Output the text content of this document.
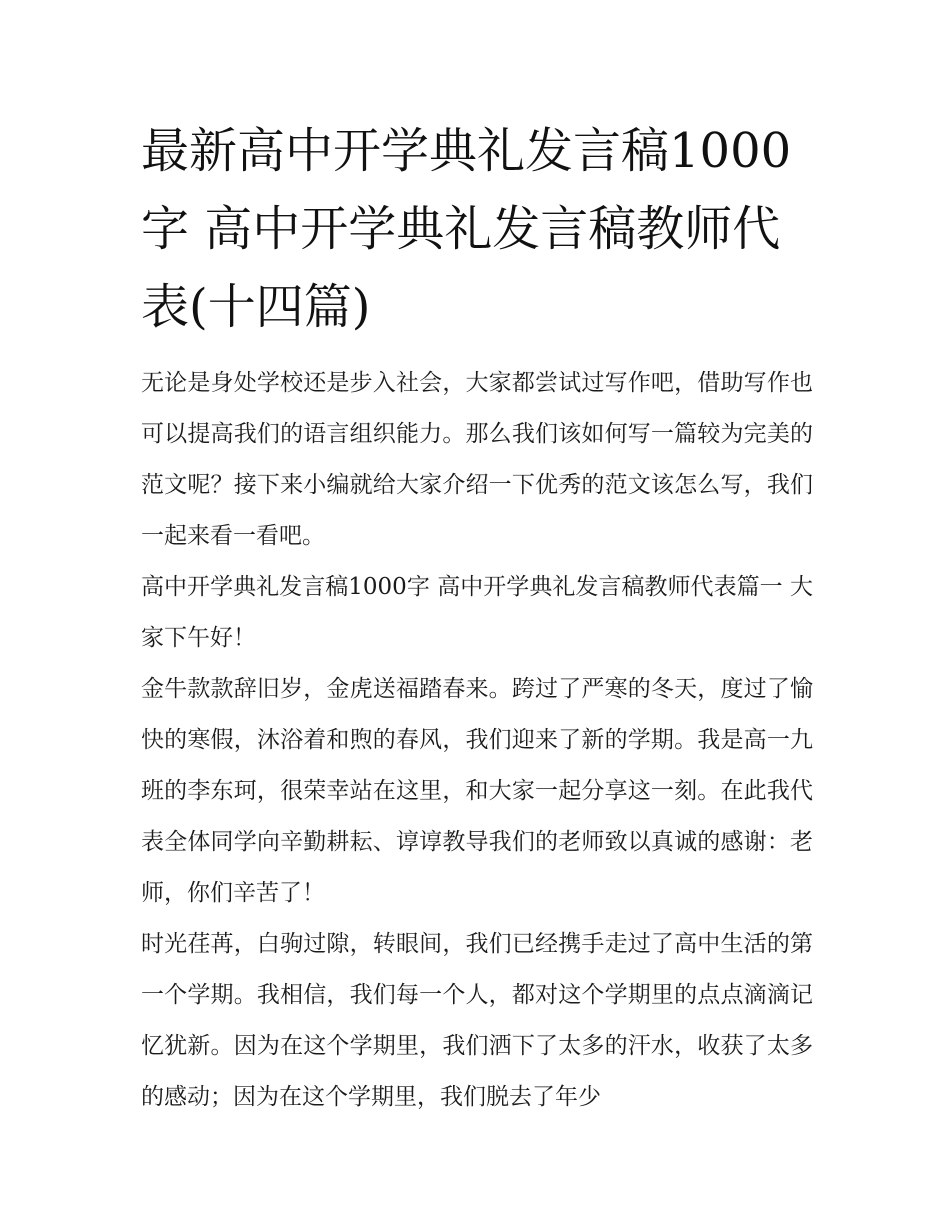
最新高中开学典礼发言稿1000字 高中开学典礼发言稿教师代表(十四篇)

无论是身处学校还是步入社会，大家都尝试过写作吧，借助写作也可以提高我们的语言组织能力。那么我们该如何写一篇较为完美的范文呢？接下来小编就给大家介绍一下优秀的范文该怎么写，我们一起来看一看吧。

高中开学典礼发言稿1000字 高中开学典礼发言稿教师代表篇一 大家下午好！

金牛款款辞旧岁，金虎送福踏春来。跨过了严寒的冬天，度过了愉快的寒假，沐浴着和煦的春风，我们迎来了新的学期。我是高一九班的李东珂，很荣幸站在这里，和大家一起分享这一刻。在此我代表全体同学向辛勤耕耘、谆谆教导我们的老师致以真诚的感谢：老师，你们辛苦了！

时光荏苒，白驹过隙，转眼间，我们已经携手走过了高中生活的第一个学期。我相信，我们每一个人，都对这个学期里的点点滴滴记忆犹新。因为在这个学期里，我们洒下了太多的汗水，收获了太多的感动；因为在这个学期里，我们脱去了年少
